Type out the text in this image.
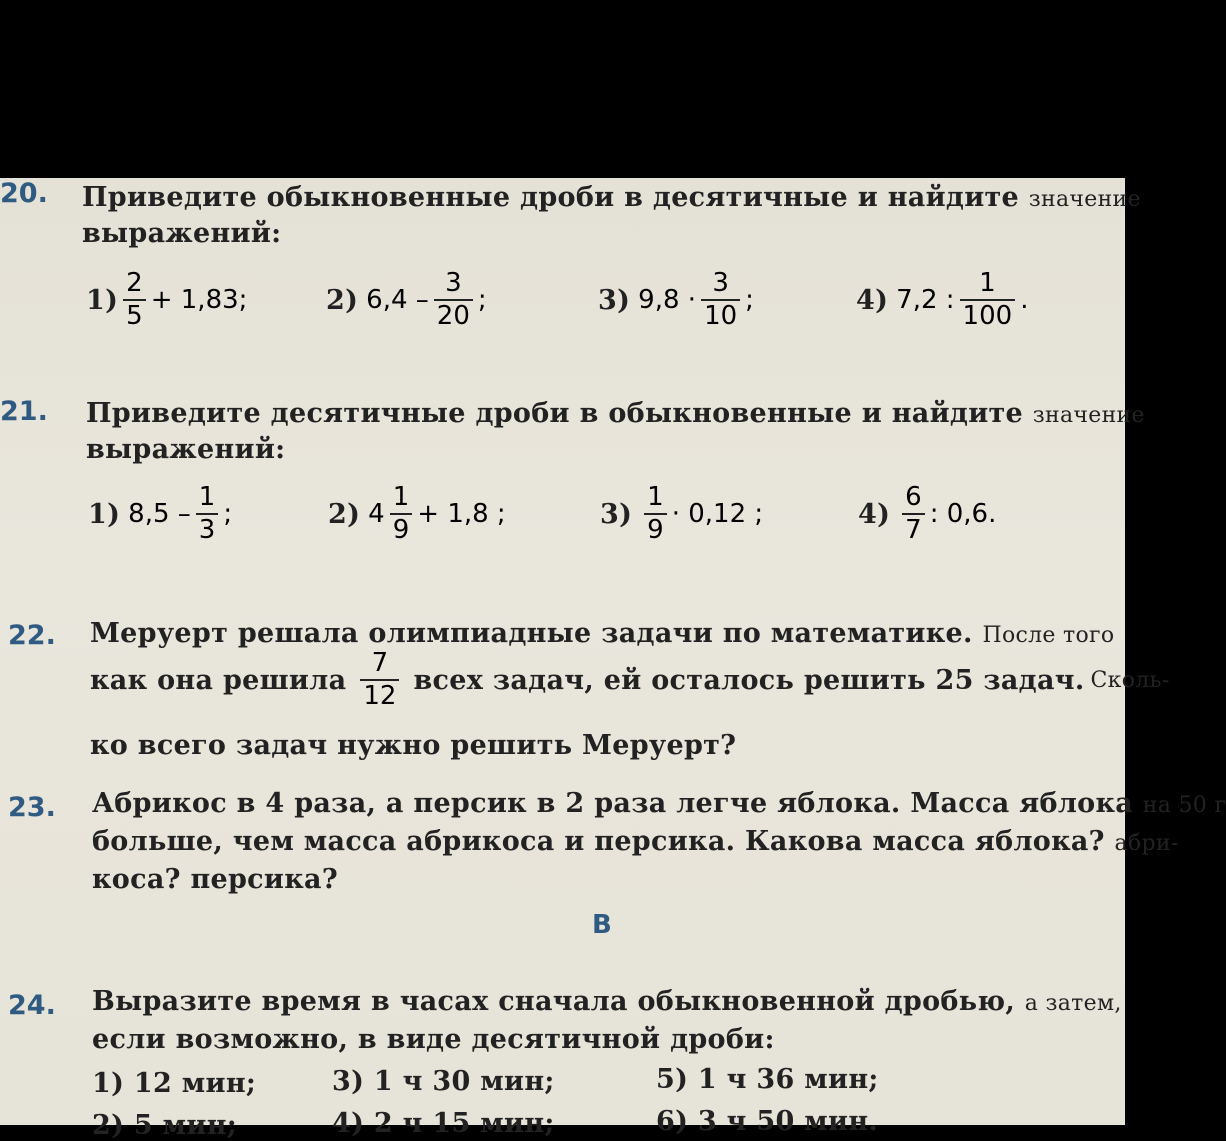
20. Приведите обыкновенные дроби в десятичные и найдите значение
выражений:
$1) \frac{2}{5} + 1,83$;	2) $6,4 - \frac{3}{20}$ ;	3) $9,8 \cdot \frac{3}{10}$ ;	4) 7,2 : $\frac{1}{100}$ .
21. Приведите десятичные дроби в обыкновенные и найдите значение
выражений:
1) $8,5 - \frac{1}{3}$ ;	2) $4 \frac{1}{9} + 1,8$ ;	$3) \frac{1}{9} \cdot 0,12$ ;	$4) \frac{6}{7}$ : 0,6.
22. Меруерт решала олимпиадные задачи по математике. После того
как она решила $\frac{7}{12}$ всех задач, ей осталось решить 25 задач. Сколь-
ко всего задач нужно решить Меруерт?
23. Абрикос в 4 раза, а персик в 2 раза легче яблока. Масса яблока на 50 г
больше, чем масса абрикоса и персика. Какова масса яблока? абри-
коса? персика?
B
24. Выразите время в часах сначала обыкновенной дробью, а затем,
если возможно, в виде десятичной дроби:
1) 12 мин;	3) 1 ч 30 мин;	5) 1 ч 36 мин;
2) 5 мин;	4) 2 ч 15 мин;	6) 3 ч 50 мин.
